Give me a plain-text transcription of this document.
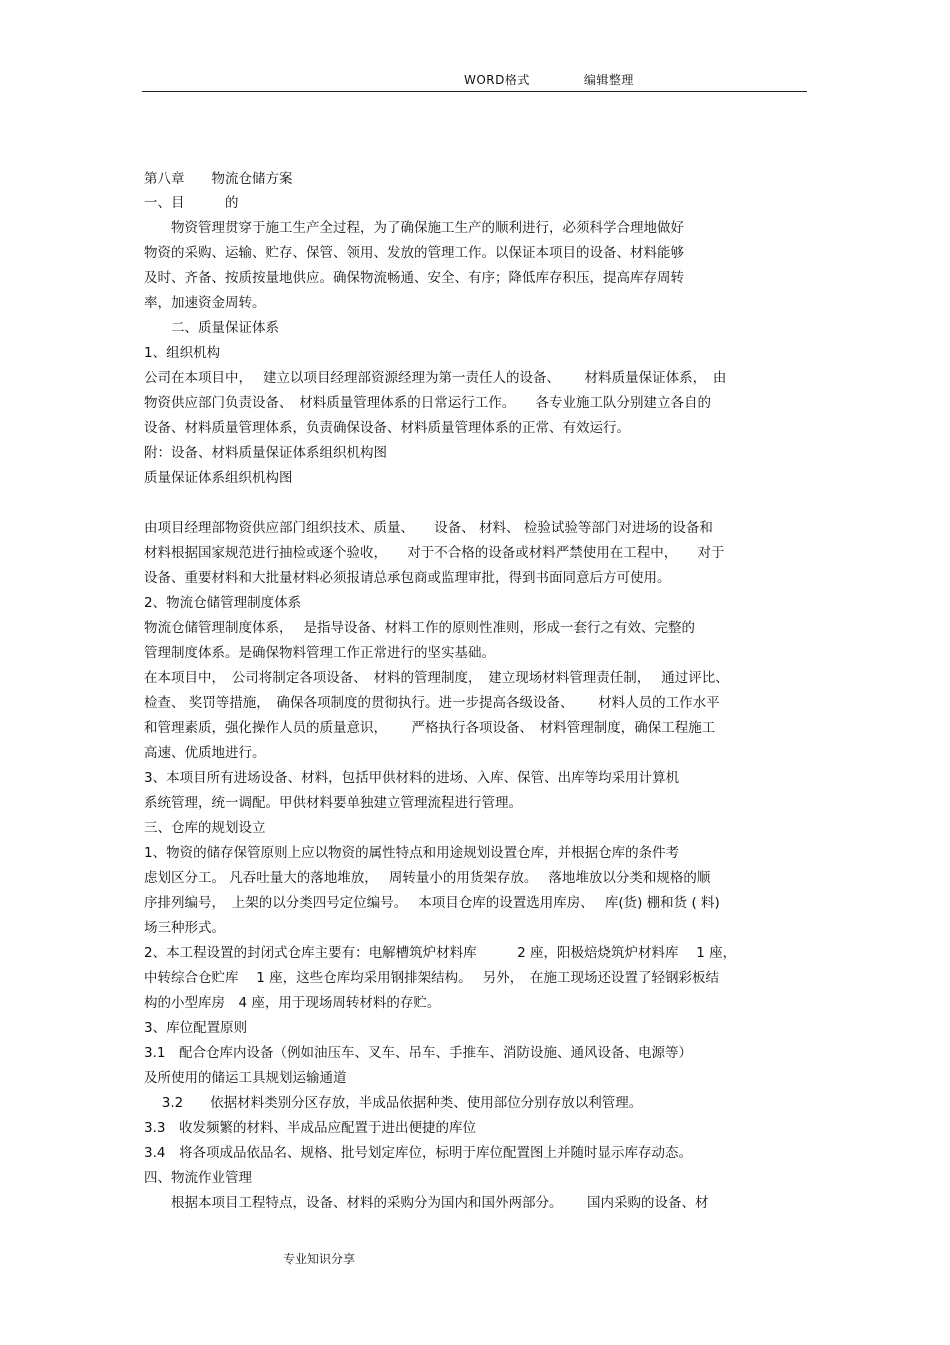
WORD格式	编辑整理
第八章　　物流仓储方案
一、目　　　的
　　物资管理贯穿于施工生产全过程，为了确保施工生产的顺利进行，必须科学合理地做好
物资的采购、运输、贮存、保管、领用、发放的管理工作。以保证本项目的设备、材料能够
及时、齐备、按质按量地供应。确保物流畅通、安全、有序；降低库存积压，提高库存周转
率，加速资金周转。
　　二、质量保证体系
1、组织机构
公司在本项目中，　 建立以项目经理部资源经理为第一责任人的设备、　　 材料质量保证体系，　由
物资供应部门负责设备、　材料质量管理体系的日常运行工作。　　各专业施工队分别建立各自的
设备、材料质量管理体系，负责确保设备、材料质量管理体系的正常、有效运行。
附：设备、材料质量保证体系组织机构图
质量保证体系组织机构图
由项目经理部物资供应部门组织技术、质量、　　设备、 材料、 检验试验等部门对进场的设备和
材料根据国家规范进行抽检或逐个验收，　　对于不合格的设备或材料严禁使用在工程中，　　对于
设备、重要材料和大批量材料必须报请总承包商或监理审批，得到书面同意后方可使用。
2、物流仓储管理制度体系
物流仓储管理制度体系，　 是指导设备、材料工作的原则性准则，形成一套行之有效、完整的
管理制度体系。是确保物料管理工作正常进行的坚实基础。
在本项目中，　公司将制定各项设备、　材料的管理制度，　建立现场材料管理责任制，　 通过评比、
检查、 奖罚等措施，　确保各项制度的贯彻执行。进一步提高各级设备、　　 材料人员的工作水平
和管理素质，强化操作人员的质量意识，　　 严格执行各项设备、　材料管理制度，确保工程施工
高速、优质地进行。
3、本项目所有进场设备、材料，包括甲供材料的进场、入库、保管、出库等均采用计算机
系统管理，统一调配。甲供材料要单独建立管理流程进行管理。
三、仓库的规划设立
1、物资的储存保管原则上应以物资的属性特点和用途规划设置仓库，并根据仓库的条件考
虑划区分工。 凡吞吐量大的落地堆放，　 周转量小的用货架存放。　 落地堆放以分类和规格的顺
序排列编号，　上架的以分类四号定位编号。　 本项目仓库的设置选用库房、　 库(货) 棚和货 ( 料)
场三种形式。
2、本工程设置的封闭式仓库主要有：电解槽筑炉材料库　　　2 座，阳极焙烧筑炉材料库　 1 座，
中转综合仓贮库　 1 座，这些仓库均采用钢排架结构。　 另外，　在施工现场还设置了轻钢彩板结
构的小型库房　4 座，用于现场周转材料的存贮。
3、库位配置原则
3.1　配合仓库内设备（例如油压车、叉车、吊车、手推车、消防设施、通风设备、电源等）
及所使用的储运工具规划运输通道
　 3.2　　依据材料类别分区存放，半成品依据种类、使用部位分别存放以利管理。
3.3　收发频繁的材料、半成品应配置于进出便捷的库位
3.4　将各项成品依品名、规格、批号划定库位，标明于库位配置图上并随时显示库存动态。
四、物流作业管理
　　根据本项目工程特点，设备、材料的采购分为国内和国外两部分。　　 国内采购的设备、材
专业知识分享
